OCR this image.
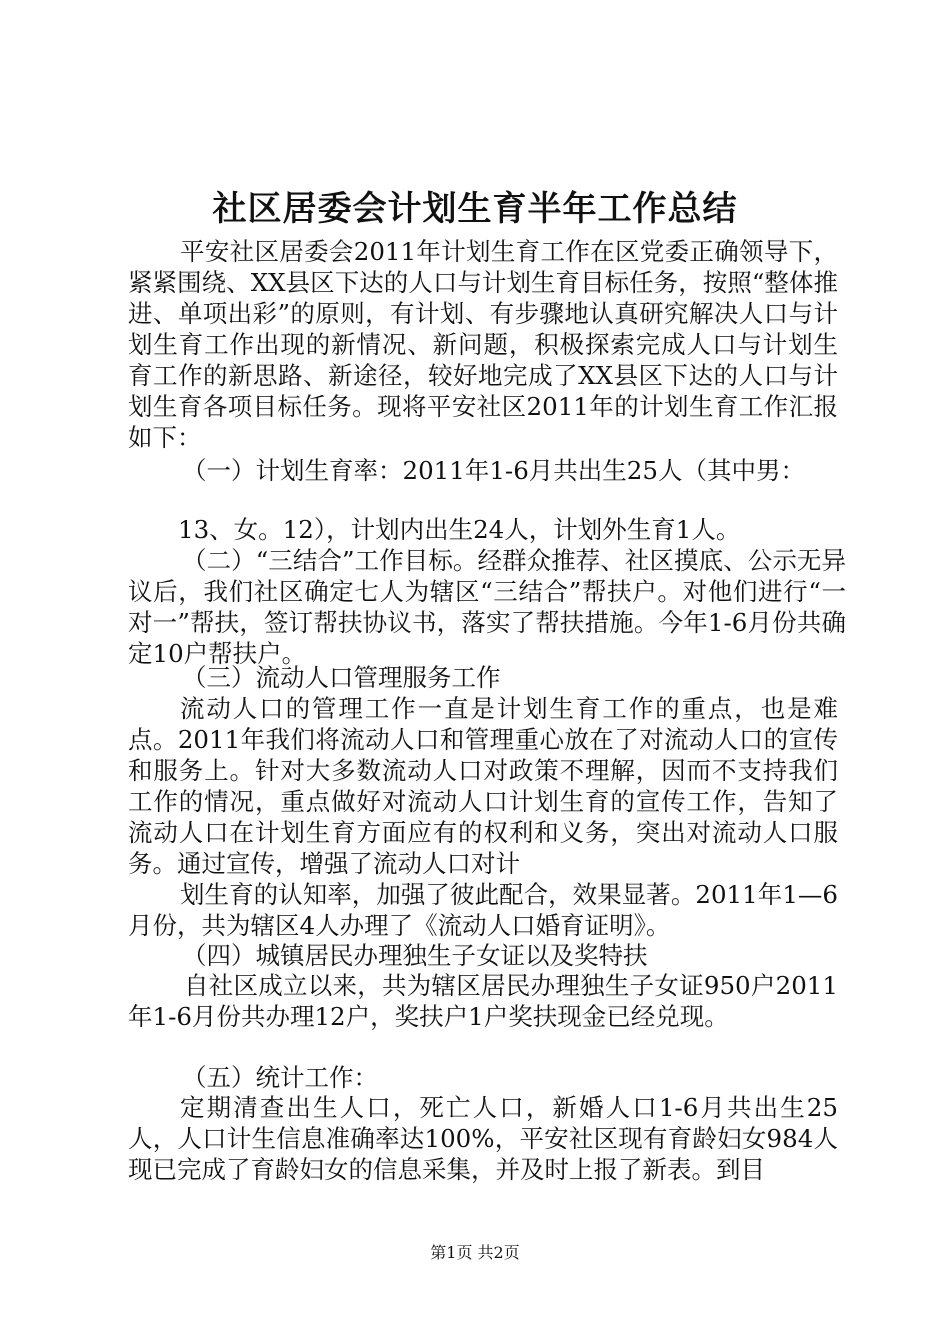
社区居委会计划生育半年工作总结

平安社区居委会2011年计划生育工作在区党委正确领导下，紧紧围绕、XX县区下达的人口与计划生育目标任务，按照“整体推进、单项出彩”的原则，有计划、有步骤地认真研究解决人口与计划生育工作出现的新情况、新问题，积极探索完成人口与计划生育工作的新思路、新途径，较好地完成了XX县区下达的人口与计划生育各项目标任务。现将平安社区2011年的计划生育工作汇报如下：

（一）计划生育率：2011年1-6月共出生25人（其中男：

13、女。12），计划内出生24人，计划外生育1人。

（二）“三结合”工作目标。经群众推荐、社区摸底、公示无异议后，我们社区确定七人为辖区“三结合”帮扶户。对他们进行“一对一”帮扶，签订帮扶协议书，落实了帮扶措施。今年1-6月份共确定10户帮扶户。

（三）流动人口管理服务工作

流动人口的管理工作一直是计划生育工作的重点，也是难点。2011年我们将流动人口和管理重心放在了对流动人口的宣传和服务上。针对大多数流动人口对政策不理解，因而不支持我们工作的情况，重点做好对流动人口计划生育的宣传工作，告知了流动人口在计划生育方面应有的权利和义务，突出对流动人口服务。通过宣传，增强了流动人口对计

划生育的认知率，加强了彼此配合，效果显著。2011年1—6月份，共为辖区4人办理了《流动人口婚育证明》。

（四）城镇居民办理独生子女证以及奖特扶

自社区成立以来，共为辖区居民办理独生子女证950户2011年1-6月份共办理12户，奖扶户1户奖扶现金已经兑现。

（五）统计工作：

定期清查出生人口，死亡人口，新婚人口1-6月共出生25人，人口计生信息准确率达100%，平安社区现有育龄妇女984人现已完成了育龄妇女的信息采集，并及时上报了新表。到目

第1页 共2页
